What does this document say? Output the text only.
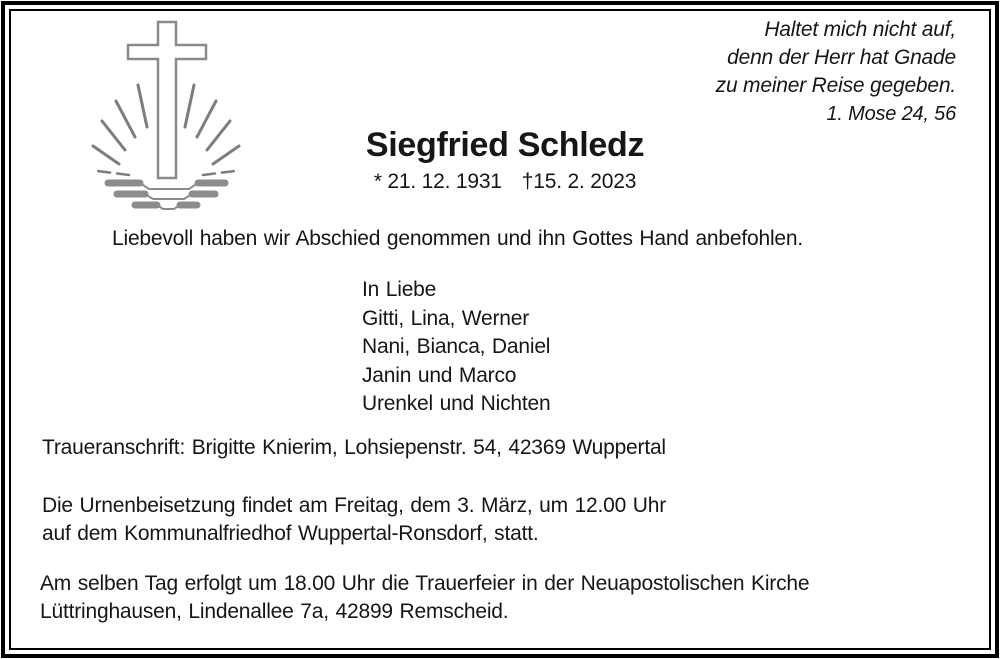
Haltet mich nicht auf,
denn der Herr hat Gnade
zu meiner Reise gegeben.
1. Mose 24, 56
Siegfried Schledz
* 21. 12. 1931 †15. 2. 2023
Liebevoll haben wir Abschied genommen und ihn Gottes Hand anbefohlen.
In Liebe
Gitti, Lina, Werner
Nani, Bianca, Daniel
Janin und Marco
Urenkel und Nichten
Traueranschrift: Brigitte Knierim, Lohsiepenstr. 54, 42369 Wuppertal
Die Urnenbeisetzung findet am Freitag, dem 3. März, um 12.00 Uhr
auf dem Kommunalfriedhof Wuppertal-Ronsdorf, statt.
Am selben Tag erfolgt um 18.00 Uhr die Trauerfeier in der Neuapostolischen Kirche
Lüttringhausen, Lindenallee 7a, 42899 Remscheid.
